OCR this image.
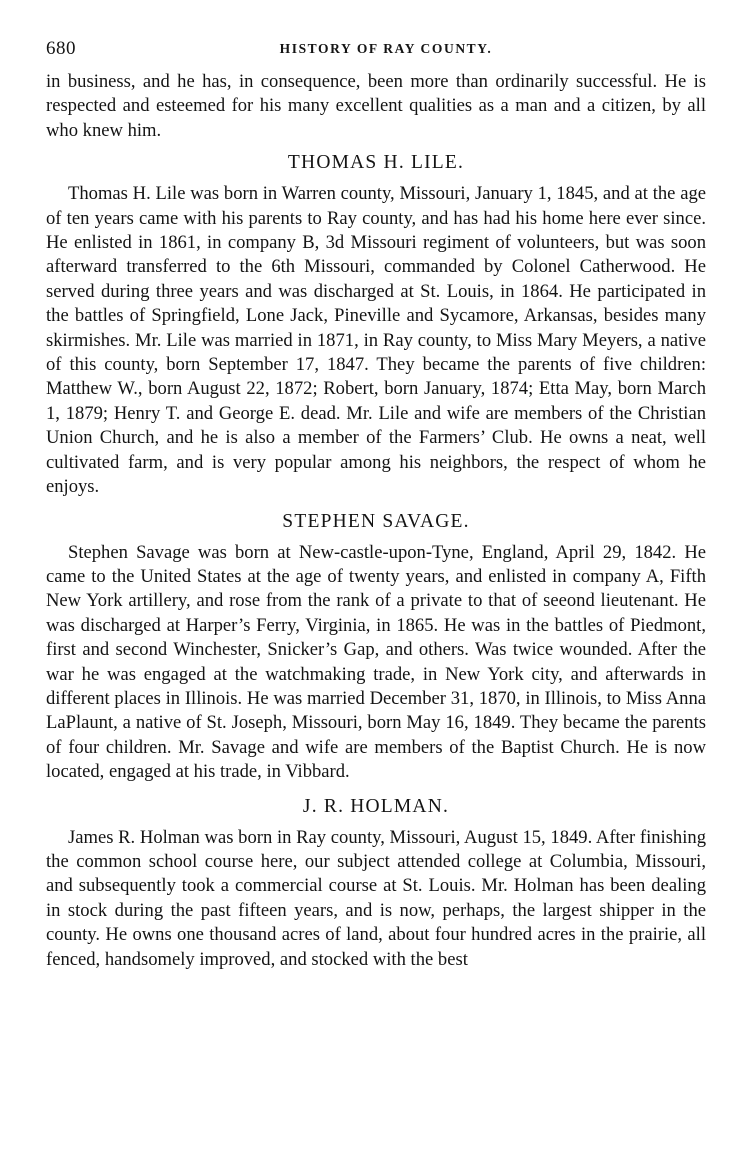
680	HISTORY OF RAY COUNTY.

in business, and he has, in consequence, been more than ordinarily successful. He is respected and esteemed for his many excellent qualities as a man and a citizen, by all who knew him.

THOMAS H. LILE.

Thomas H. Lile was born in Warren county, Missouri, January 1, 1845, and at the age of ten years came with his parents to Ray county, and has had his home here ever since. He enlisted in 1861, in company B, 3d Missouri regiment of volunteers, but was soon afterward transferred to the 6th Missouri, commanded by Colonel Catherwood. He served during three years and was discharged at St. Louis, in 1864. He participated in the battles of Springfield, Lone Jack, Pineville and Sycamore, Arkansas, besides many skirmishes. Mr. Lile was married in 1871, in Ray county, to Miss Mary Meyers, a native of this county, born September 17, 1847. They became the parents of five children: Matthew W., born August 22, 1872; Robert, born January, 1874; Etta May, born March 1, 1879; Henry T. and George E. dead. Mr. Lile and wife are members of the Christian Union Church, and he is also a member of the Farmers’ Club. He owns a neat, well cultivated farm, and is very popular among his neighbors, the respect of whom he enjoys.

STEPHEN SAVAGE.

Stephen Savage was born at New-castle-upon-Tyne, England, April 29, 1842. He came to the United States at the age of twenty years, and enlisted in company A, Fifth New York artillery, and rose from the rank of a private to that of seeond lieutenant. He was discharged at Harper’s Ferry, Virginia, in 1865. He was in the battles of Piedmont, first and second Winchester, Snicker’s Gap, and others. Was twice wounded. After the war he was engaged at the watchmaking trade, in New York city, and afterwards in different places in Illinois. He was married December 31, 1870, in Illinois, to Miss Anna LaPlaunt, a native of St. Joseph, Missouri, born May 16, 1849. They became the parents of four children. Mr. Savage and wife are members of the Baptist Church. He is now located, engaged at his trade, in Vibbard.

J. R. HOLMAN.

James R. Holman was born in Ray county, Missouri, August 15, 1849. After finishing the common school course here, our subject attended college at Columbia, Missouri, and subsequently took a commercial course at St. Louis. Mr. Holman has been dealing in stock during the past fifteen years, and is now, perhaps, the largest shipper in the county. He owns one thousand acres of land, about four hundred acres in the prairie, all fenced, handsomely improved, and stocked with the best
